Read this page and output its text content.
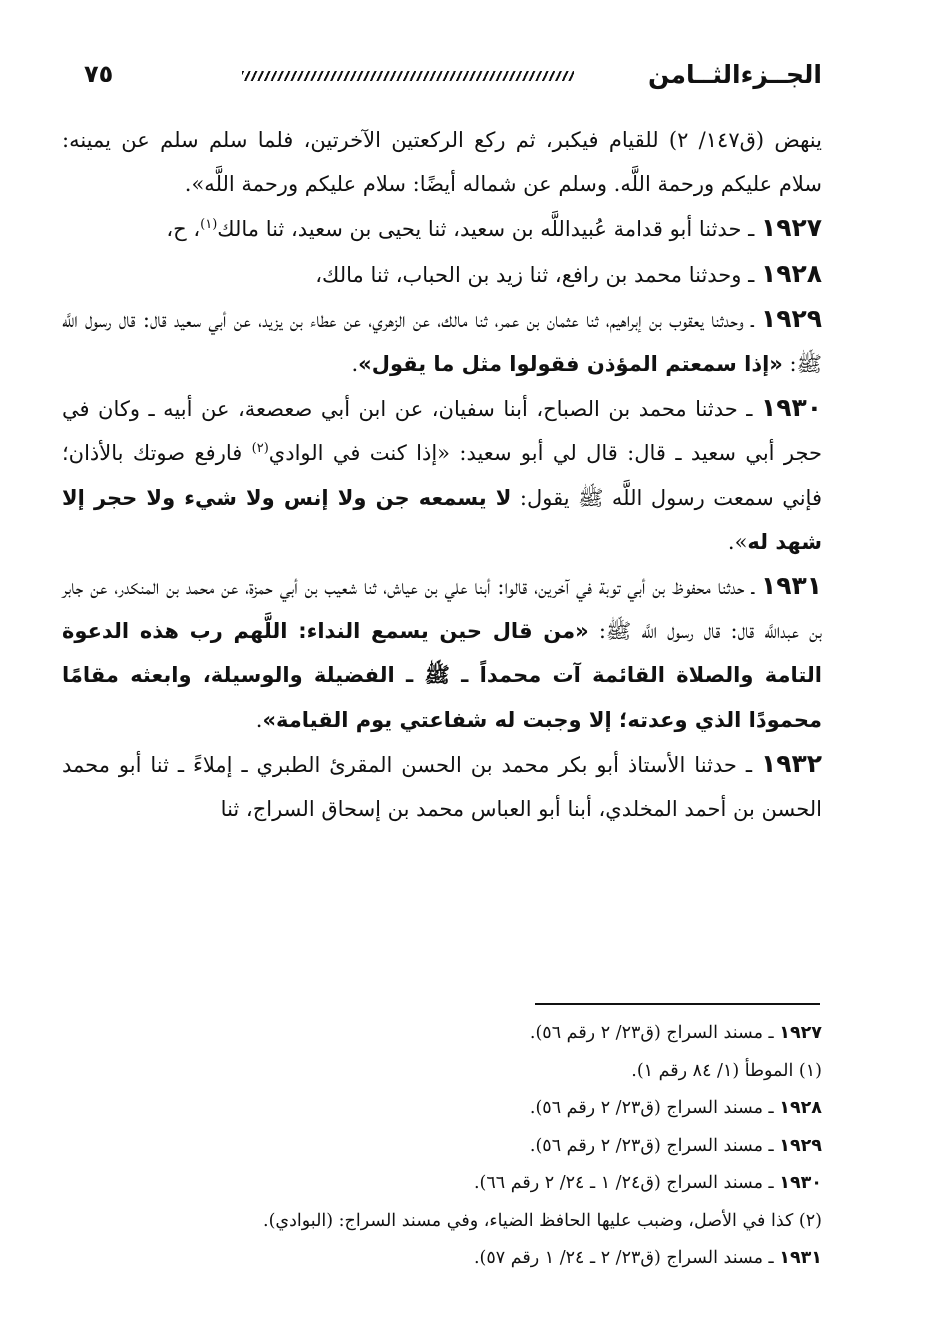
الجــزءالثــامن
٧٥

ينهض (ق١٤٧/ ٢) للقيام فيكبر، ثم ركع الركعتين الآخرتين، فلما سلم سلم عن يمينه: سلام عليكم ورحمة اللَّه. وسلم عن شماله أيضًا: سلام عليكم ورحمة اللَّه».

١٩٢٧ ـ حدثنا أبو قدامة عُبيداللَّه بن سعيد، ثنا يحيى بن سعيد، ثنا مالك$^{(١)}$، ح،

١٩٢٨ ـ وحدثنا محمد بن رافع، ثنا زيد بن الحباب، ثنا مالك،

١٩٢٩ ـ وحدثنا يعقوب بن إبراهيم، ثنا عثمان بن عمر، ثنا مالك، عن الزهري، عن عطاء بن يزيد، عن أبي سعيد قال: قال رسول اللَّه ﷺ: «إذا سمعتم المؤذن فقولوا مثل ما يقول».

١٩٣٠ ـ حدثنا محمد بن الصباح، أبنا سفيان، عن ابن أبي صعصعة، عن أبيه ـ وكان في حجر أبي سعيد ـ قال: قال لي أبو سعيد: «إذا كنت في الوادي$^{(٢)}$ فارفع صوتك بالأذان؛ فإني سمعت رسول اللَّه ﷺ يقول: لا يسمعه جن ولا إنس ولا شيء ولا حجر إلا شهد له».

١٩٣١ ـ حدثنا محفوظ بن أبي توبة في آخرين، قالوا: أبنا علي بن عياش، ثنا شعيب بن أبي حمزة، عن محمد بن المنكدر، عن جابر بن عبداللَّه قال: قال رسول اللَّه ﷺ: «من قال حين يسمع النداء: اللَّهم رب هذه الدعوة التامة والصلاة القائمة آت محمداً ـ ﷺ ـ الفضيلة والوسيلة، وابعثه مقامًا محمودًا الذي وعدته؛ إلا وجبت له شفاعتي يوم القيامة».

١٩٣٢ ـ حدثنا الأستاذ أبو بكر محمد بن الحسن المقرئ الطبري ـ إملاءً ـ ثنا أبو محمد الحسن بن أحمد المخلدي، أبنا أبو العباس محمد بن إسحاق السراج، ثنا

١٩٢٧ ـ مسند السراج (ق٢٣/ ٢ رقم ٥٦).
(١) الموطأ (١/ ٨٤ رقم ١).
١٩٢٨ ـ مسند السراج (ق٢٣/ ٢ رقم ٥٦).
١٩٢٩ ـ مسند السراج (ق٢٣/ ٢ رقم ٥٦).
١٩٣٠ ـ مسند السراج (ق٢٤/ ١ ـ ٢٤/ ٢ رقم ٦٦).
(٢) كذا في الأصل، وضبب عليها الحافظ الضياء، وفي مسند السراج: (البوادي).
١٩٣١ ـ مسند السراج (ق٢٣/ ٢ ـ ٢٤/ ١ رقم ٥٧).
